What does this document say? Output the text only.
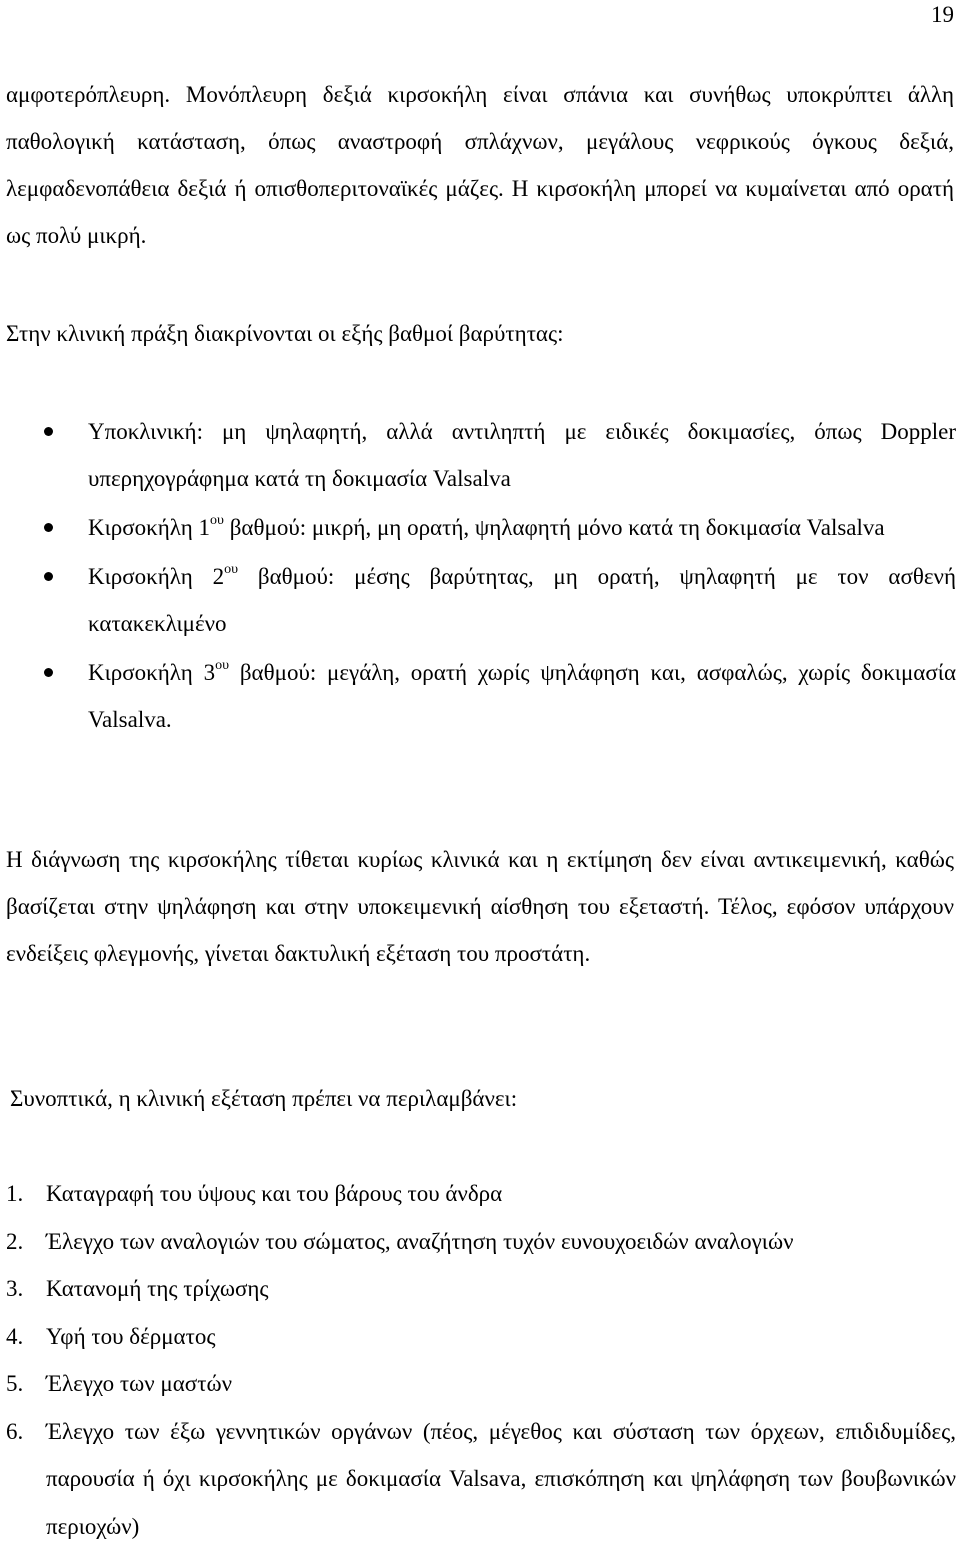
19

αμφοτερόπλευρη. Μονόπλευρη δεξιά κιρσοκήλη είναι σπάνια και συνήθως υποκρύπτει άλλη παθολογική κατάσταση, όπως αναστροφή σπλάχνων, μεγάλους νεφρικούς όγκους δεξιά, λεμφαδενοπάθεια δεξιά ή οπισθοπεριτοναϊκές μάζες. Η κιρσοκήλη μπορεί να κυμαίνεται από ορατή ως πολύ μικρή.

Στην κλινική πράξη διακρίνονται οι εξής βαθμοί βαρύτητας:

Υποκλινική: μη ψηλαφητή, αλλά αντιληπτή με ειδικές δοκιμασίες, όπως Doppler υπερηχογράφημα κατά τη δοκιμασία Valsalva
Κιρσοκήλη $1^{o\upsilon}$ βαθμού: μικρή, μη ορατή, ψηλαφητή μόνο κατά τη δοκιμασία Valsalva
Κιρσοκήλη $2^{o\upsilon}$ βαθμού: μέσης βαρύτητας, μη ορατή, ψηλαφητή με τον ασθενή κατακεκλιμένο
Κιρσοκήλη $3^{o\upsilon}$ βαθμού: μεγάλη, ορατή χωρίς ψηλάφηση και, ασφαλώς, χωρίς δοκιμασία Valsalva.

Η διάγνωση της κιρσοκήλης τίθεται κυρίως κλινικά και η εκτίμηση δεν είναι αντικειμενική, καθώς βασίζεται στην ψηλάφηση και στην υποκειμενική αίσθηση του εξεταστή. Τέλος, εφόσον υπάρχουν ενδείξεις φλεγμονής, γίνεται δακτυλική εξέταση του προστάτη.

Συνοπτικά, η κλινική εξέταση πρέπει να περιλαμβάνει:

1. Καταγραφή του ύψους και του βάρους του άνδρα
2. Έλεγχο των αναλογιών του σώματος, αναζήτηση τυχόν ευνουχοειδών αναλογιών
3. Κατανομή της τρίχωσης
4. Υφή του δέρματος
5. Έλεγχο των μαστών
6. Έλεγχο των έξω γεννητικών οργάνων (πέος, μέγεθος και σύσταση των όρχεων, επιδιδυμίδες, παρουσία ή όχι κιρσοκήλης με δοκιμασία Valsava, επισκόπηση και ψηλάφηση των βουβωνικών περιοχών)
